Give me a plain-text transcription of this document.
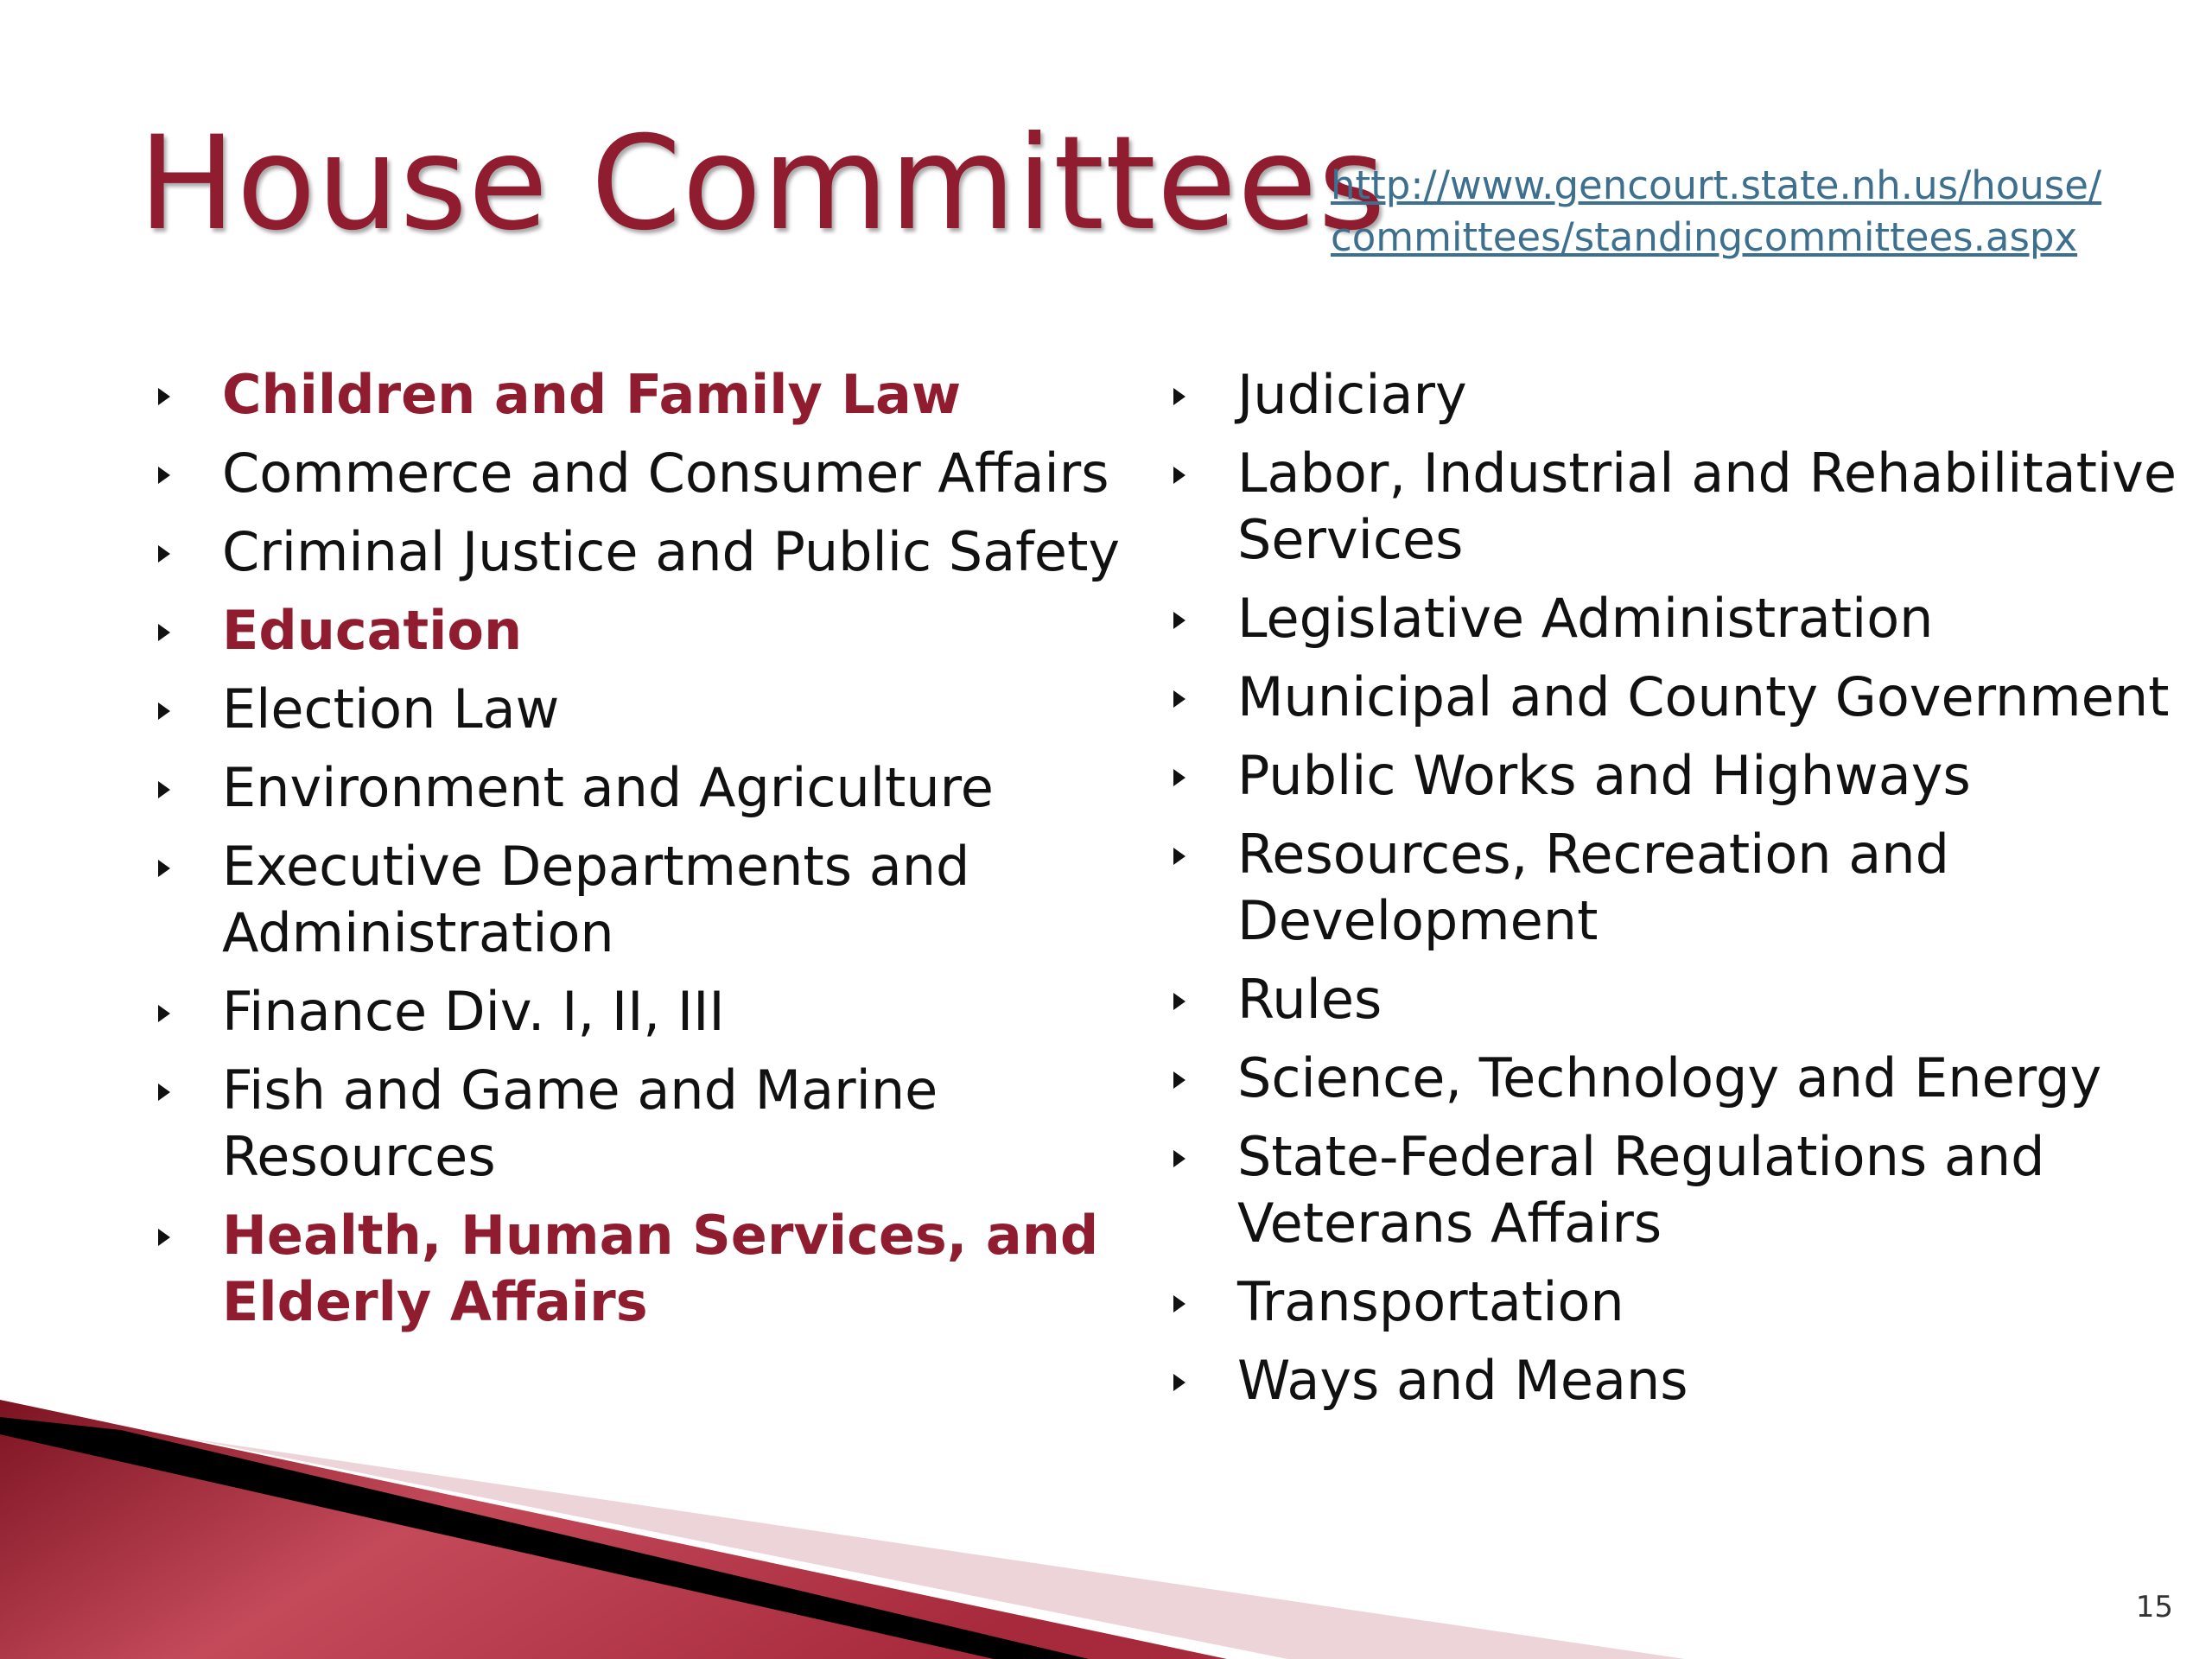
House Committees
http://www.gencourt.state.nh.us/house/
committees/standingcommittees.aspx
Children and Family Law
Commerce and Consumer Affairs
Criminal Justice and Public Safety
Education
Election Law
Environment and Agriculture
Executive Departments and Administration
Finance Div. I, II, III
Fish and Game and Marine Resources
Health, Human Services, and Elderly Affairs
Judiciary
Labor, Industrial and Rehabilitative Services
Legislative Administration
Municipal and County Government
Public Works and Highways
Resources, Recreation and Development
Rules
Science, Technology and Energy
State-Federal Regulations and Veterans Affairs
Transportation
Ways and Means
15
